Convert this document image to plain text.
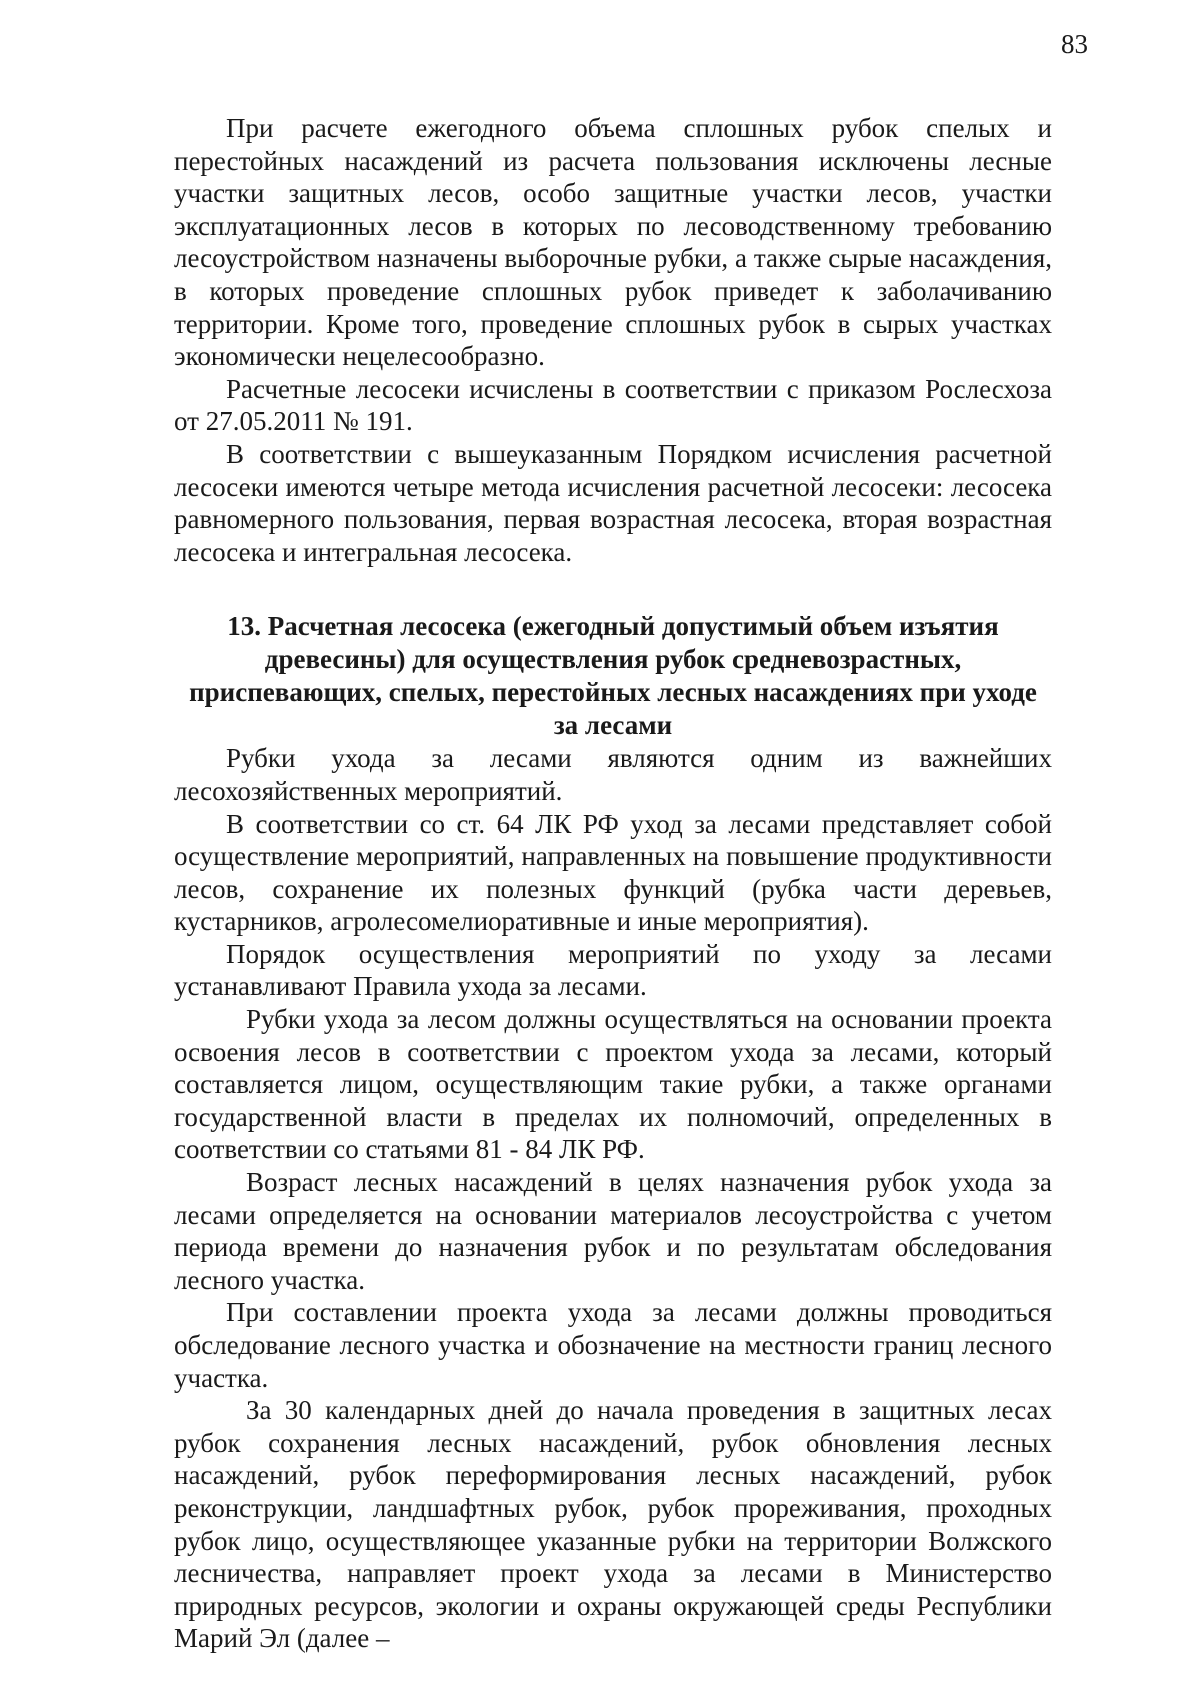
83

При расчете ежегодного объема сплошных рубок спелых и перестойных насаждений из расчета пользования исключены лесные участки защитных лесов, особо защитные участки лесов, участки эксплуатационных лесов в которых по лесоводственному требованию лесоустройством назначены выборочные рубки, а также сырые насаждения, в которых проведение сплошных рубок приведет к заболачиванию территории. Кроме того, проведение сплошных рубок в сырых участках экономически нецелесообразно.

Расчетные лесосеки исчислены в соответствии с приказом Рослесхоза от 27.05.2011 № 191.

В соответствии с вышеуказанным Порядком исчисления расчетной лесосеки имеются четыре метода исчисления расчетной лесосеки: лесосека равномерного пользования, первая возрастная лесосека, вторая возрастная лесосека и интегральная лесосека.

13. Расчетная лесосека (ежегодный допустимый объем изъятия древесины) для осуществления рубок средневозрастных, приспевающих, спелых, перестойных лесных насаждениях при уходе за лесами

Рубки ухода за лесами являются одним из важнейших лесохозяйственных мероприятий.

В соответствии со ст. 64 ЛК РФ уход за лесами представляет собой осуществление мероприятий, направленных на повышение продуктивности лесов, сохранение их полезных функций (рубка части деревьев, кустарников, агролесомелиоративные и иные мероприятия).

Порядок осуществления мероприятий по уходу за лесами устанавливают Правила ухода за лесами.

Рубки ухода за лесом должны осуществляться на основании проекта освоения лесов в соответствии с проектом ухода за лесами, который составляется лицом, осуществляющим такие рубки, а также органами государственной власти в пределах их полномочий, определенных в соответствии со статьями 81 - 84 ЛК РФ.

Возраст лесных насаждений в целях назначения рубок ухода за лесами определяется на основании материалов лесоустройства с учетом периода времени до назначения рубок и по результатам обследования лесного участка.

При составлении проекта ухода за лесами должны проводиться обследование лесного участка и обозначение на местности границ лесного участка.

За 30 календарных дней до начала проведения в защитных лесах рубок сохранения лесных насаждений, рубок обновления лесных насаждений, рубок переформирования лесных насаждений, рубок реконструкции, ландшафтных рубок, рубок прореживания, проходных рубок лицо, осуществляющее указанные рубки на территории Волжского лесничества, направляет проект ухода за лесами в Министерство природных ресурсов, экологии и охраны окружающей среды Республики Марий Эл (далее –
